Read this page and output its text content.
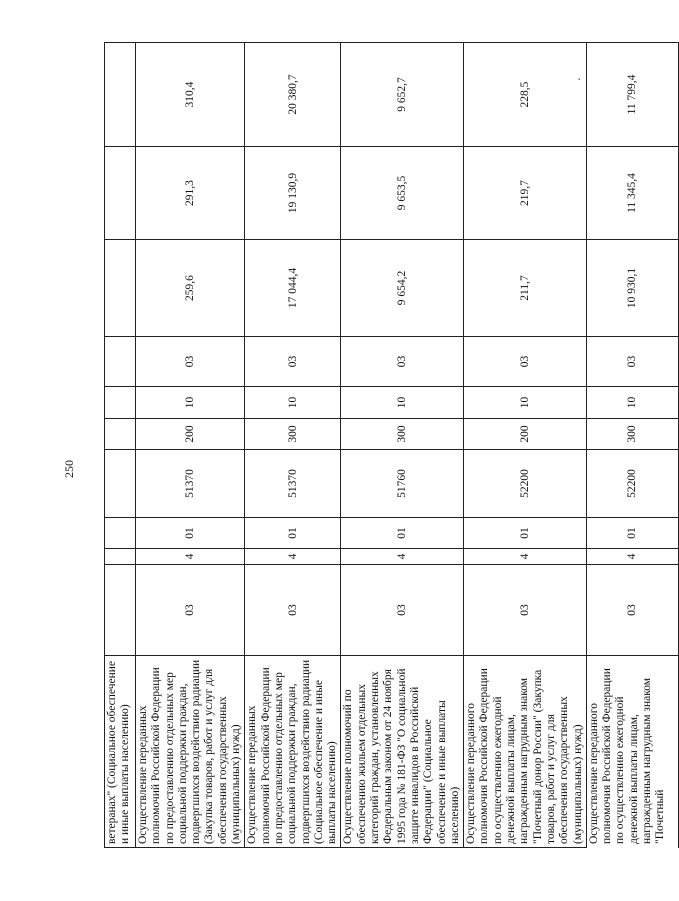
250
ветеранах" (Социальное обеспечение и иные выплаты населению)										
Осуществление переданных полномочий Российской Федерации по предоставлению отдельных мер социальной поддержки граждан, подвергшихся воздействию радиации (Закупка товаров, работ и услуг для обеспечения государственных (муниципальных) нужд)	03	4	01	51370	200	10	03	259,6	291,3	310,4
Осуществление переданных полномочий Российской Федерации по предоставлению отдельных мер социальной поддержки граждан, подвергшихся воздействию радиации (Социальное обеспечение и иные выплаты населению)	03	4	01	51370	300	10	03	17 044,4	19 130,9	20 380,7
Осуществление полномочий по обеспечению жильем отдельных категорий граждан, установленных Федеральным законом от 24 ноября 1995 года № 181-ФЗ "О социальной защите инвалидов в Российской Федерации" (Социальное обеспечение и иные выплаты населению)	03	4	01	51760	300	10	03	9 654,2	9 653,5	9 652,7
Осуществление переданного полномочия Российской Федерации по осуществлению ежегодной денежной выплаты лицам, награжденным нагрудным знаком "Почетный донор России" (Закупка товаров, работ и услуг для обеспечения государственных (муниципальных) нужд)	03	4	01	52200	200	10	03	211,7	219,7	228,5
Осуществление переданного полномочия Российской Федерации по осуществлению ежегодной денежной выплаты лицам, награжденным нагрудным знаком "Почетный	03	4	01	52200	300	10	03	10 930,1	11 345,4	11 799,4
˛
